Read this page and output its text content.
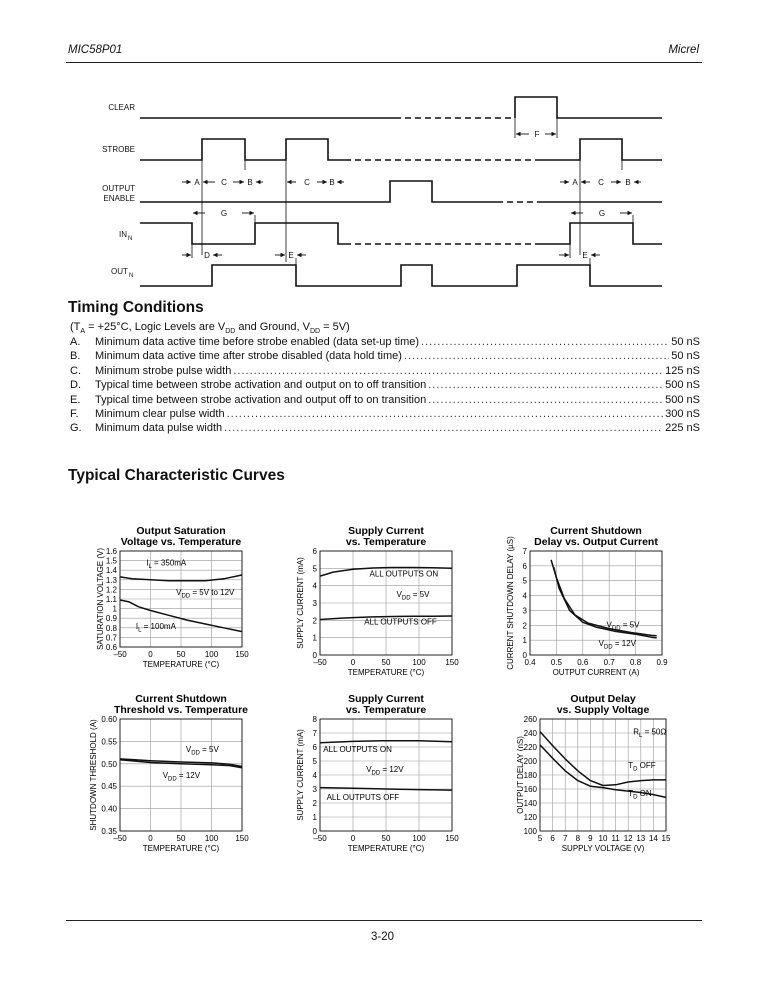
MIC58P01	Micrel
CLEAR
STROBE
OUTPUT
ENABLE
IN N
OUT N
A	C	B	C B	A	C	B
G	G
D	E	E
F
Timing Conditions
($T_A = +25^\circ C$, Logic Levels are $V_{DD}$ and Ground, $V_{DD} = 5V$)
A.	Minimum data active time before strobe enabled (data set-up time) .....	50 nS
B.	Minimum data active time after strobe disabled (data hold time) .....	50 nS
C.	Minimum strobe pulse width .....	125 nS
D.	Typical time between strobe activation and output on to off transition .....	500 nS
E.	Typical time between strobe activation and output off to on transition .....	500 nS
F.	Minimum clear pulse width .....	300 nS
G.	Minimum data pulse width .....	225 nS
Typical Characteristic Curves
Output Saturation
Voltage vs. Temperature
–50	0	50 100 150
0.6
0.7
0.8
0.9
1
1.1
1.2
1.3
1.4
1.5
1.6
TEMPERATURE (°C)
SATURATION VOLTAGE (V)	$I_L = 350mA$
$V_{DD} = 5V$ to 12V
$I_L = 100mA$
Supply Current
vs. Temperature
–50	0	50	100 150
0
1
2
3
4
5
6
TEMPERATURE (°C)
SUPPLY CURRENT (mA)	ALL OUTPUTS ON
$V_{DD} = 5V$
ALL OUTPUTS OFF
Current Shutdown
Delay vs. Output Current
0.4 0.5 0.6 0.7 0.8 0.9
0
1
2
3
4
5
6
7
OUTPUT CURRENT (A)
CURRENT SHUTDOWN DELAY (µS)	$V_{DD} = 5V$
$V_{DD} = 12V$
Current Shutdown
Threshold vs. Temperature
–50	0	50 100 150
0.35
0.40
0.45
0.50
0.55
0.60
TEMPERATURE (°C)
SHUTDOWN THRESHOLD (A)	$V_{DD} = 5V$
$V_{DD} = 12V$
Supply Current
vs. Temperature
–50	0	50	100 150
0
1
2
3
4
5
6
7
8
TEMPERATURE (°C)
SUPPLY CURRENT (mA) ALL OUTPUTS ON
$V_{DD} = 12V$
ALL OUTPUTS OFF
Output Delay
vs. Supply Voltage
5 6 7 8 9 10 11 12 13 14 15
100
120
140
160
180
200
220
240
260
SUPPLY VOLTAGE (V)
OUTPUT DELAY (nS)
$R_L = 50\Omega$
$T_D$ OFF
$T_D$ ON
3-20
